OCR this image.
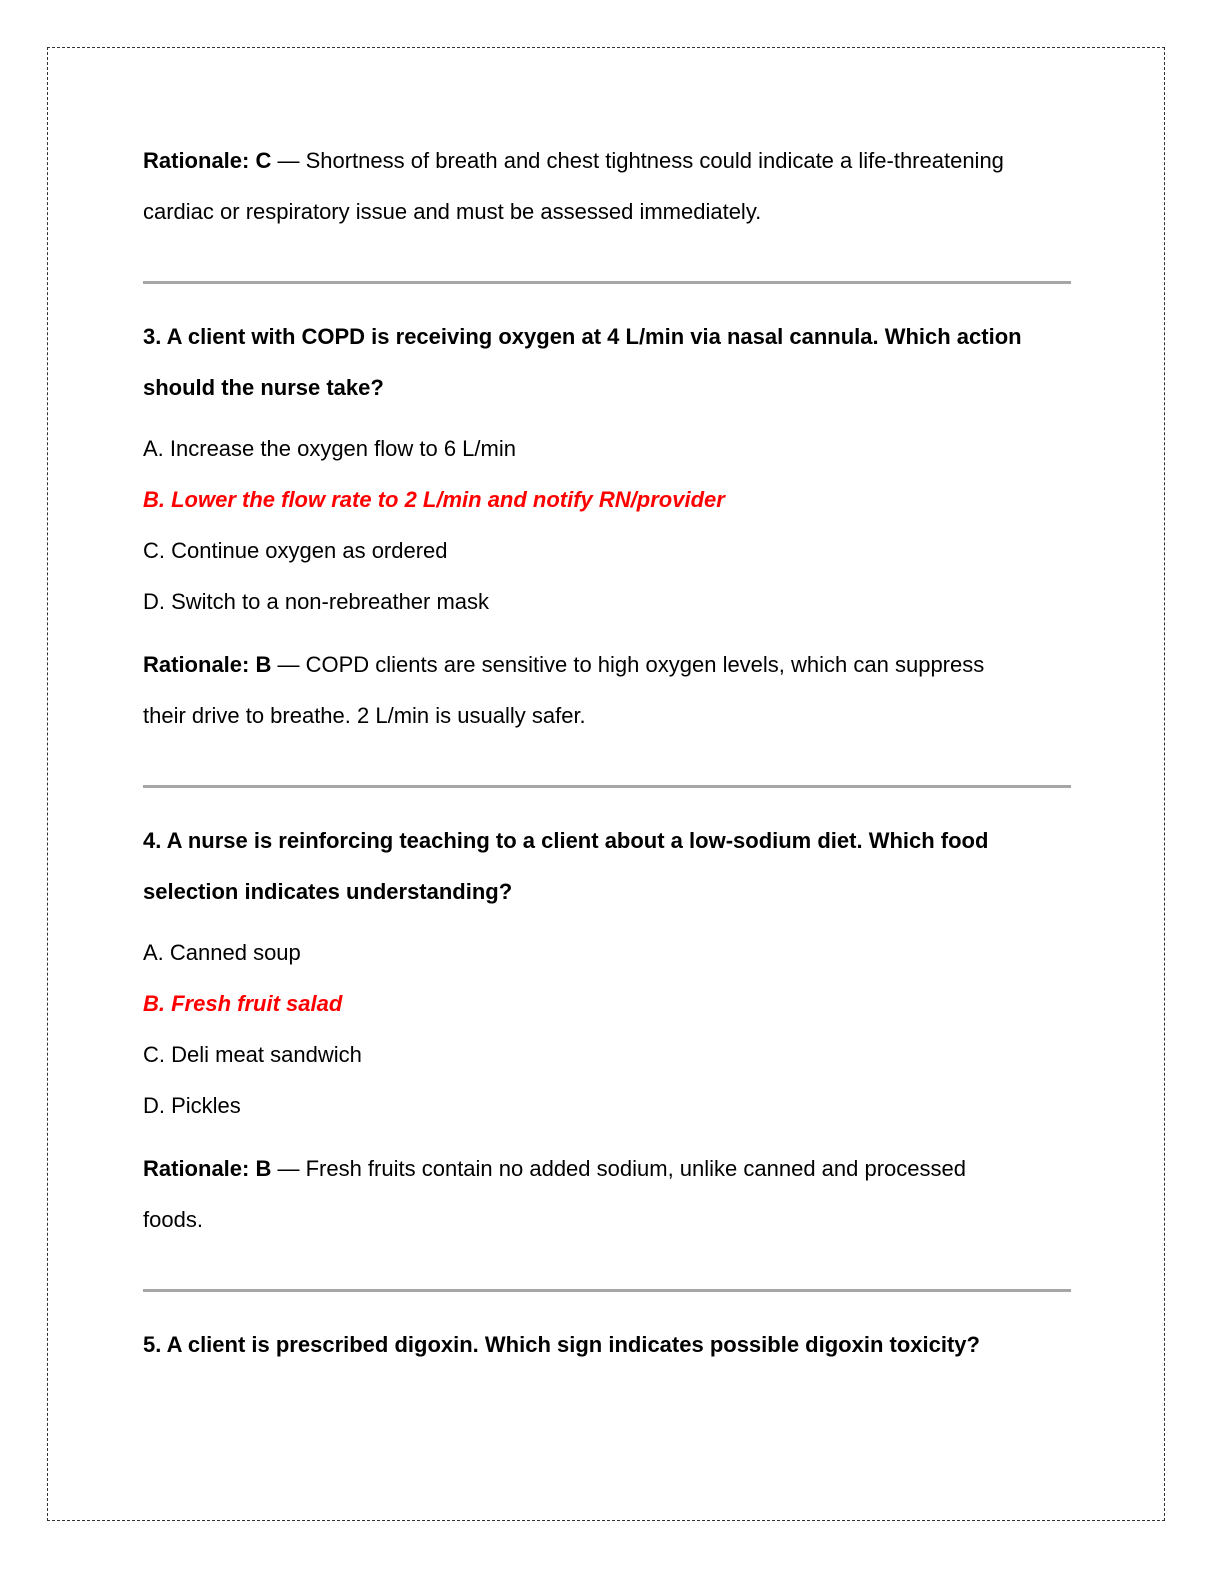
Rationale: C — Shortness of breath and chest tightness could indicate a life-threatening cardiac or respiratory issue and must be assessed immediately.

3. A client with COPD is receiving oxygen at 4 L/min via nasal cannula. Which action should the nurse take?

A. Increase the oxygen flow to 6 L/min

B. Lower the flow rate to 2 L/min and notify RN/provider

C. Continue oxygen as ordered

D. Switch to a non-rebreather mask

Rationale: B — COPD clients are sensitive to high oxygen levels, which can suppress their drive to breathe. 2 L/min is usually safer.

4. A nurse is reinforcing teaching to a client about a low-sodium diet. Which food selection indicates understanding?

A. Canned soup

B. Fresh fruit salad

C. Deli meat sandwich

D. Pickles

Rationale: B — Fresh fruits contain no added sodium, unlike canned and processed foods.

5. A client is prescribed digoxin. Which sign indicates possible digoxin toxicity?
